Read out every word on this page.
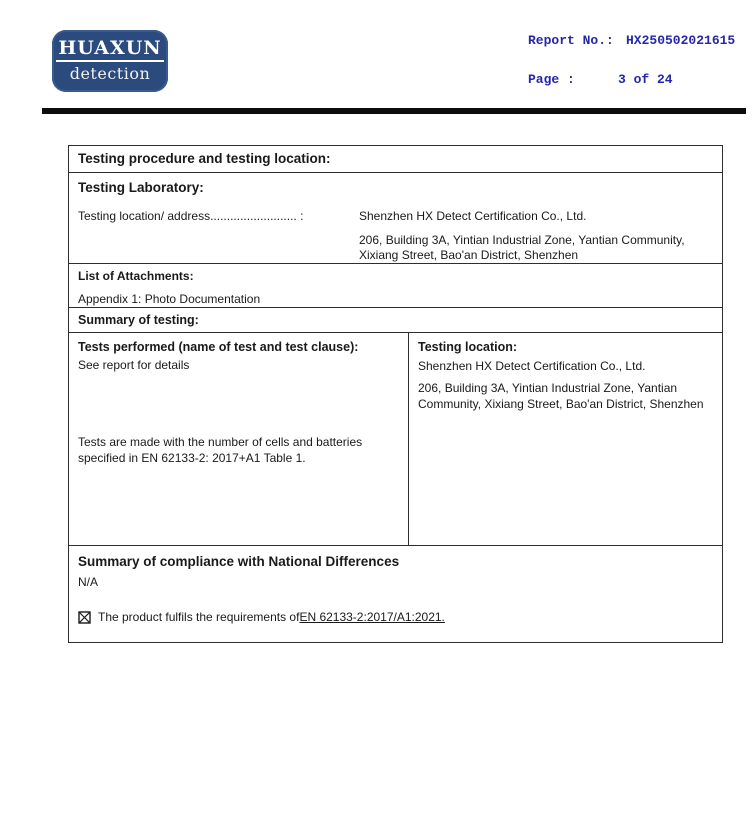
HUAXUN
detection
Report No.: HX250502021615
Page :	3 of 24
Testing procedure and testing location:
Testing Laboratory:
Testing location/ address.......................... :	Shenzhen HX Detect Certification Co., Ltd.

206, Building 3A, Yintian Industrial Zone, Yantian Community, Xixiang Street, Bao'an District, Shenzhen

List of Attachments:
Appendix 1: Photo Documentation
Summary of testing:
Tests performed (name of test and test clause):
See report for details
Tests are made with the number of cells and batteries specified in EN 62133-2: 2017+A1 Table 1.
Testing location:
Shenzhen HX Detect Certification Co., Ltd.
206, Building 3A, Yintian Industrial Zone, Yantian Community, Xixiang Street, Bao'an District, Shenzhen
Summary of compliance with National Differences
N/A
The product fulfils the requirements of EN 62133-2:2017/A1:2021.
